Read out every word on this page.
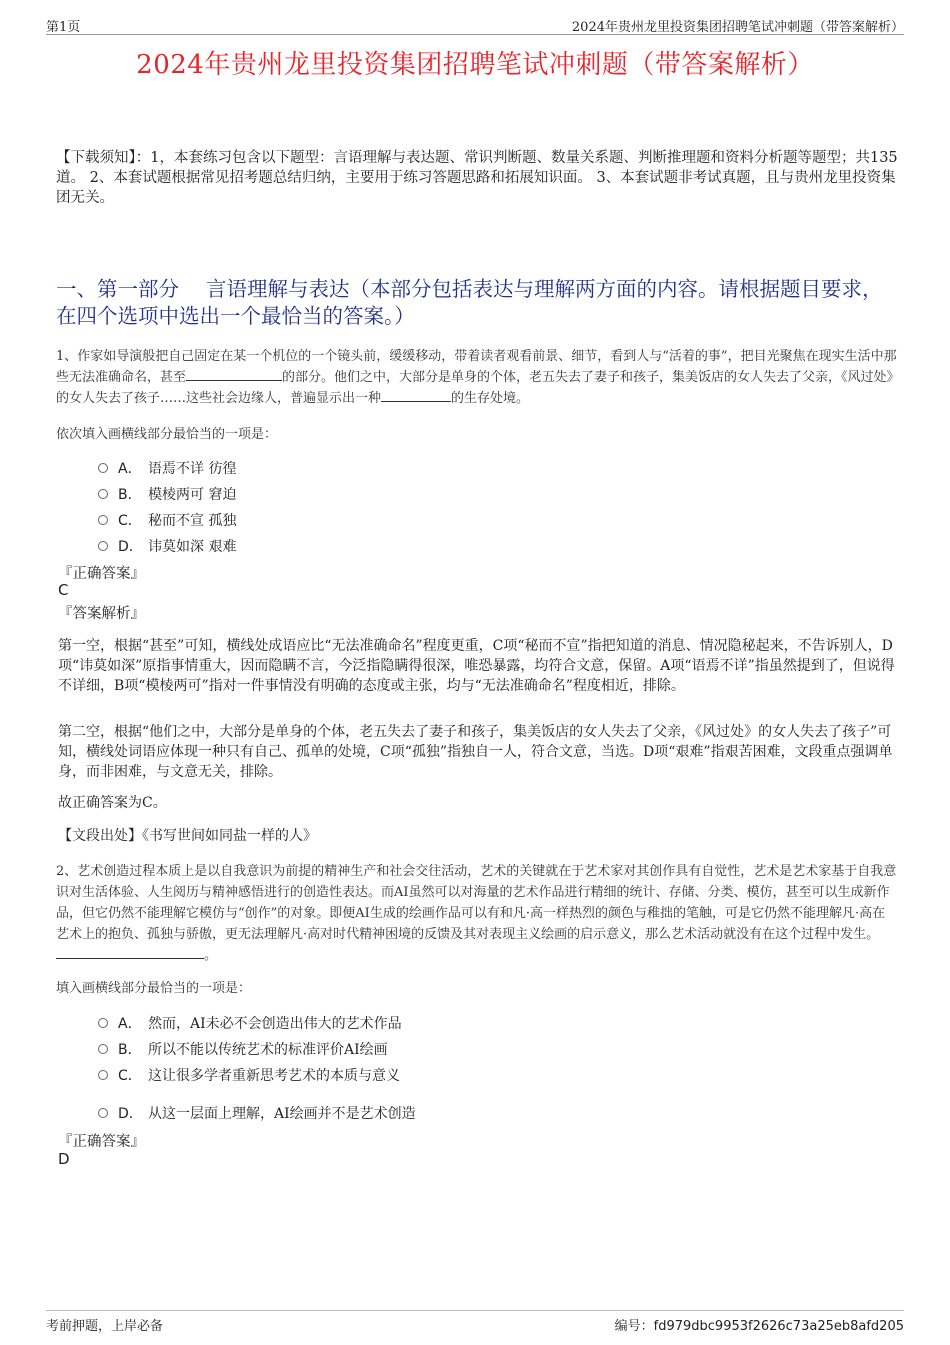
第1页	2024年贵州龙里投资集团招聘笔试冲刺题（带答案解析）
2024年贵州龙里投资集团招聘笔试冲刺题（带答案解析）
【下载须知】：1，本套练习包含以下题型：言语理解与表达题、常识判断题、数量关系题、判断推理题和资料分析题等题型；共135道。 2、本套试题根据常见招考题总结归纳，主要用于练习答题思路和拓展知识面。 3、本套试题非考试真题，且与贵州龙里投资集团无关。
一、第一部分　 言语理解与表达（本部分包括表达与理解两方面的内容。请根据题目要求，在四个选项中选出一个最恰当的答案。）
1、作家如导演般把自己固定在某一个机位的一个镜头前，缓缓移动，带着读者观看前景、细节，看到人与“活着的事”，把目光聚焦在现实生活中那些无法准确命名，甚至	的部分。他们之中，大部分是单身的个体，老五失去了妻子和孩子，集美饭店的女人失去了父亲，《风过处》的女人失去了孩子……这些社会边缘人，普遍显示出一种	的生存处境。
依次填入画横线部分最恰当的一项是：
A． 语焉不详 彷徨
B． 模棱两可 窘迫
C． 秘而不宣 孤独
D． 讳莫如深 艰难
『正确答案』
C
『答案解析』
第一空，根据“甚至”可知，横线处成语应比“无法准确命名”程度更重，C项“秘而不宣”指把知道的消息、情况隐秘起来，不告诉别人，D项“讳莫如深”原指事情重大，因而隐瞒不言，今泛指隐瞒得很深，唯恐暴露，均符合文意，保留。A项“语焉不详”指虽然提到了，但说得不详细，B项“模棱两可”指对一件事情没有明确的态度或主张，均与“无法准确命名”程度相近，排除。
第二空，根据“他们之中，大部分是单身的个体，老五失去了妻子和孩子，集美饭店的女人失去了父亲，《风过处》的女人失去了孩子”可知，横线处词语应体现一种只有自己、孤单的处境，C项“孤独”指独自一人，符合文意，当选。D项“艰难”指艰苦困难，文段重点强调单身，而非困难，与文意无关，排除。
故正确答案为C。
【文段出处】《书写世间如同盐一样的人》
2、艺术创造过程本质上是以自我意识为前提的精神生产和社会交往活动，艺术的关键就在于艺术家对其创作具有自觉性，艺术是艺术家基于自我意识对生活体验、人生阅历与精神感悟进行的创造性表达。而AI虽然可以对海量的艺术作品进行精细的统计、存储、分类、模仿，甚至可以生成新作品，但它仍然不能理解它模仿与“创作”的对象。即便AI生成的绘画作品可以有和凡·高一样热烈的颜色与稚拙的笔触，可是它仍然不能理解凡·高在艺术上的抱负、孤独与骄傲，更无法理解凡·高对时代精神困境的反馈及其对表现主义绘画的启示意义，那么艺术活动就没有在这个过程中发生。　。
填入画横线部分最恰当的一项是：
A． 然而，AI未必不会创造出伟大的艺术作品
B． 所以不能以传统艺术的标准评价AI绘画
C． 这让很多学者重新思考艺术的本质与意义
D． 从这一层面上理解，AI绘画并不是艺术创造
『正确答案』
D
考前押题，上岸必备	编号：fd979dbc9953f2626c73a25eb8afd205
